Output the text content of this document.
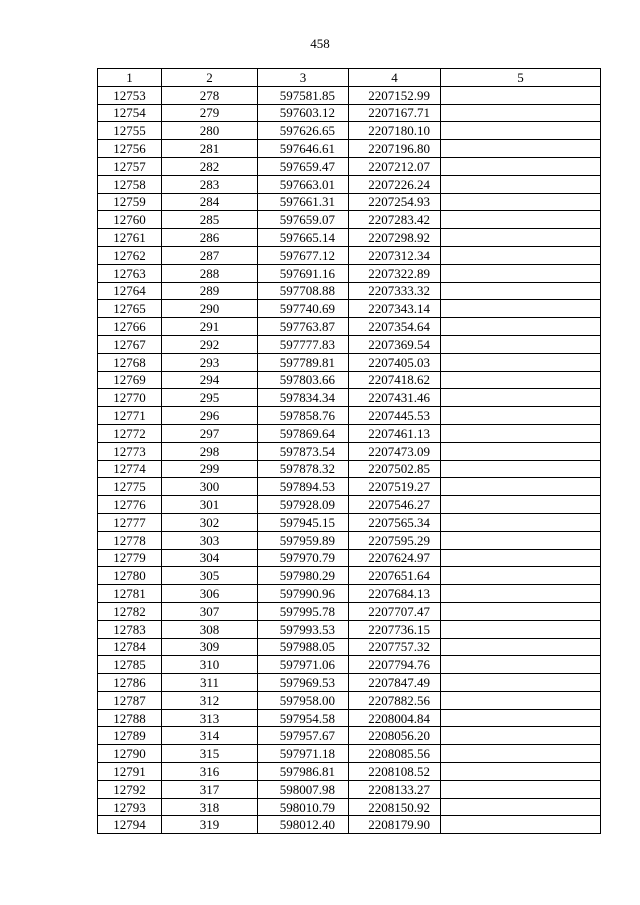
458
1	2	3	4	5
12753	278	597581.85	2207152.99	
12754	279	597603.12	2207167.71	
12755	280	597626.65	2207180.10	
12756	281	597646.61	2207196.80	
12757	282	597659.47	2207212.07	
12758	283	597663.01	2207226.24	
12759	284	597661.31	2207254.93	
12760	285	597659.07	2207283.42	
12761	286	597665.14	2207298.92	
12762	287	597677.12	2207312.34	
12763	288	597691.16	2207322.89	
12764	289	597708.88	2207333.32	
12765	290	597740.69	2207343.14	
12766	291	597763.87	2207354.64	
12767	292	597777.83	2207369.54	
12768	293	597789.81	2207405.03	
12769	294	597803.66	2207418.62	
12770	295	597834.34	2207431.46	
12771	296	597858.76	2207445.53	
12772	297	597869.64	2207461.13	
12773	298	597873.54	2207473.09	
12774	299	597878.32	2207502.85	
12775	300	597894.53	2207519.27	
12776	301	597928.09	2207546.27	
12777	302	597945.15	2207565.34	
12778	303	597959.89	2207595.29	
12779	304	597970.79	2207624.97	
12780	305	597980.29	2207651.64	
12781	306	597990.96	2207684.13	
12782	307	597995.78	2207707.47	
12783	308	597993.53	2207736.15	
12784	309	597988.05	2207757.32	
12785	310	597971.06	2207794.76	
12786	311	597969.53	2207847.49	
12787	312	597958.00	2207882.56	
12788	313	597954.58	2208004.84	
12789	314	597957.67	2208056.20	
12790	315	597971.18	2208085.56	
12791	316	597986.81	2208108.52	
12792	317	598007.98	2208133.27	
12793	318	598010.79	2208150.92	
12794	319	598012.40	2208179.90	
